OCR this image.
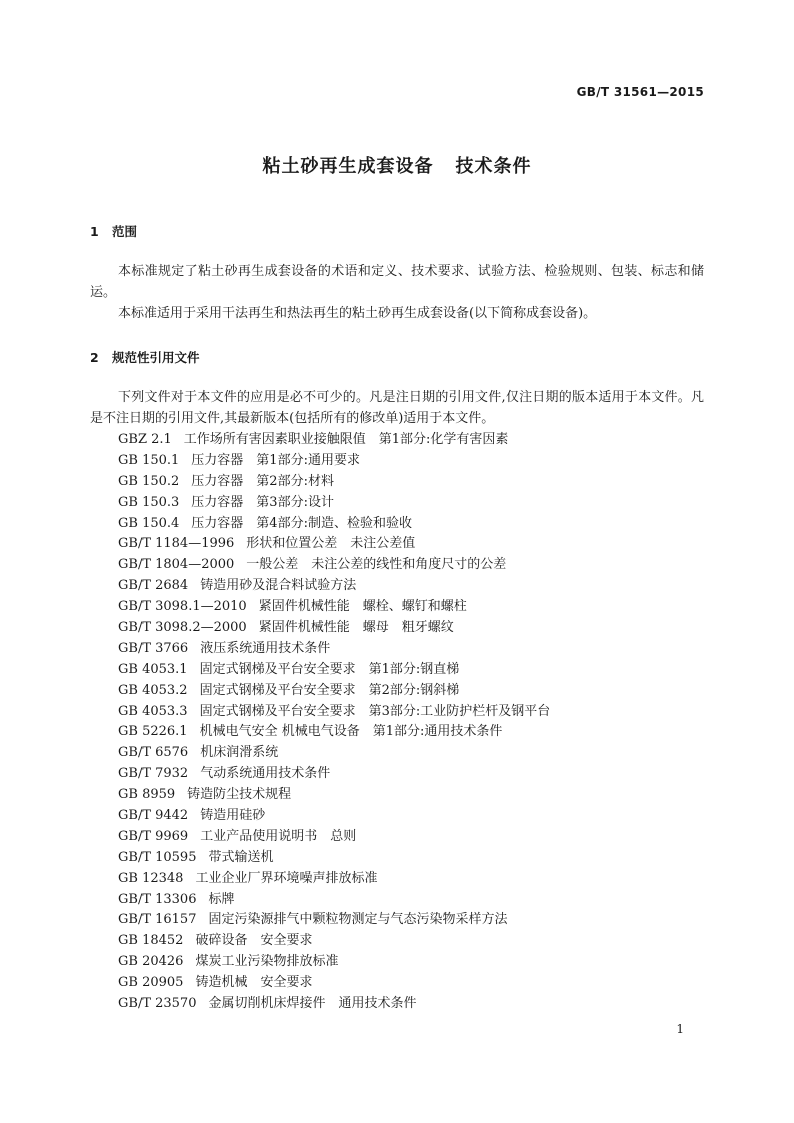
GB/T 31561—2015
粘土砂再生成套设备 技术条件
1 范围
本标准规定了粘土砂再生成套设备的术语和定义、技术要求、试验方法、检验规则、包装、标志和储运。
本标准适用于采用干法再生和热法再生的粘土砂再生成套设备(以下简称成套设备)。
2 规范性引用文件
下列文件对于本文件的应用是必不可少的。凡是注日期的引用文件,仅注日期的版本适用于本文件。凡是不注日期的引用文件,其最新版本(包括所有的修改单)适用于本文件。
GBZ 2.1 工作场所有害因素职业接触限值　第1部分:化学有害因素
GB 150.1 压力容器　第1部分:通用要求
GB 150.2 压力容器　第2部分:材料
GB 150.3 压力容器　第3部分:设计
GB 150.4 压力容器　第4部分:制造、检验和验收
GB/T 1184—1996 形状和位置公差　未注公差值
GB/T 1804—2000 一般公差　未注公差的线性和角度尺寸的公差
GB/T 2684 铸造用砂及混合料试验方法
GB/T 3098.1—2010 紧固件机械性能　螺栓、螺钉和螺柱
GB/T 3098.2—2000 紧固件机械性能　螺母　粗牙螺纹
GB/T 3766 液压系统通用技术条件
GB 4053.1 固定式钢梯及平台安全要求　第1部分:钢直梯
GB 4053.2 固定式钢梯及平台安全要求　第2部分:钢斜梯
GB 4053.3 固定式钢梯及平台安全要求　第3部分:工业防护栏杆及钢平台
GB 5226.1 机械电气安全 机械电气设备　第1部分:通用技术条件
GB/T 6576 机床润滑系统
GB/T 7932 气动系统通用技术条件
GB 8959 铸造防尘技术规程
GB/T 9442 铸造用硅砂
GB/T 9969 工业产品使用说明书　总则
GB/T 10595 带式输送机
GB 12348 工业企业厂界环境噪声排放标准
GB/T 13306 标牌
GB/T 16157 固定污染源排气中颗粒物测定与气态污染物采样方法
GB 18452 破碎设备　安全要求
GB 20426 煤炭工业污染物排放标准
GB 20905 铸造机械　安全要求
GB/T 23570 金属切削机床焊接件　通用技术条件
1
